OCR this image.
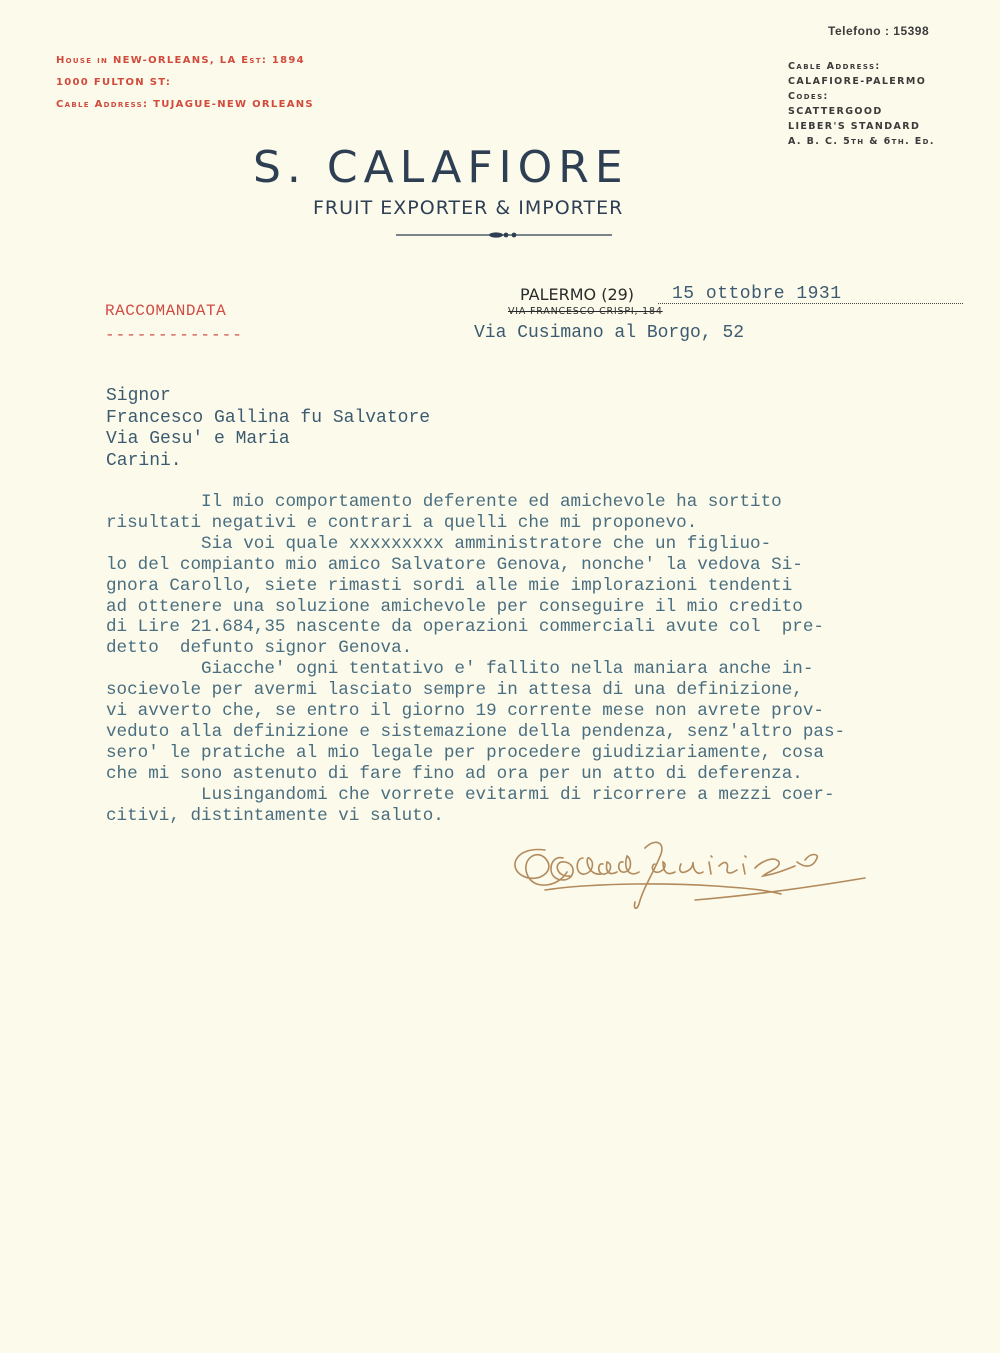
Telefono : 15398
House in NEW-ORLEANS, LA Est: 1894
1000 FULTON ST:
Cable Address: TUJAGUE-NEW ORLEANS
Cable Address:
CALAFIORE-PALERMO
Codes:
SCATTERGOOD
LIEBER'S STANDARD
A. B. C. 5th & 6th. Ed.
S. CALAFIORE
FRUIT EXPORTER & IMPORTER
RACCOMANDATA
-------------
PALERMO (29) 15 ottobre 1931
VIA FRANCESCO CRISPI, 184
Via Cusimano al Borgo, 52
Signor
Francesco Gallina fu Salvatore
Via Gesu' e Maria
Carini.
Il mio comportamento deferente ed amichevole ha sortito
risultati negativi e contrari a quelli che mi proponevo.
Sia voi quale xxxxxxxxx amministratore che un figliuo-
lo del compianto mio amico Salvatore Genova, nonche' la vedova Si-
gnora Carollo, siete rimasti sordi alle mie implorazioni tendenti
ad ottenere una soluzione amichevole per conseguire il mio credito
di Lire 21.684,35 nascente da operazioni commerciali avute col  pre-
detto  defunto signor Genova.
Giacche' ogni tentativo e' fallito nella maniara anche in-
socievole per avermi lasciato sempre in attesa di una definizione,
vi avverto che, se entro il giorno 19 corrente mese non avrete prov-
veduto alla definizione e sistemazione della pendenza, senz'altro pas-
sero' le pratiche al mio legale per procedere giudiziariamente, cosa
che mi sono astenuto di fare fino ad ora per un atto di deferenza.
Lusingandomi che vorrete evitarmi di ricorrere a mezzi coer-
citivi, distintamente vi saluto.
